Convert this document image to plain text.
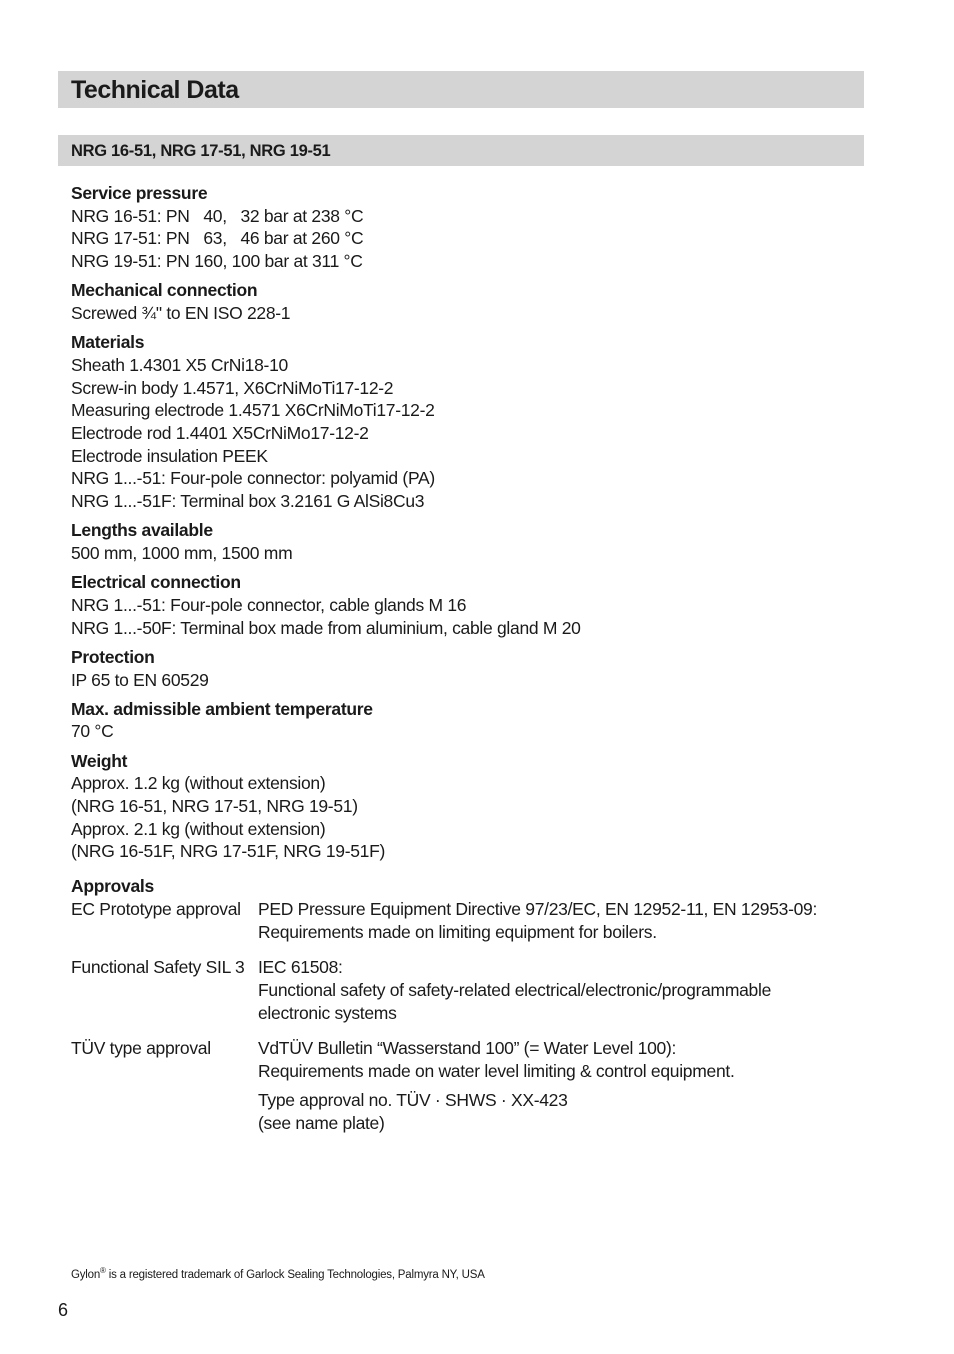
Technical Data
NRG 16-51, NRG 17-51, NRG 19-51
Service pressure
NRG 16-51: PN   40,   32 bar at 238 °C
NRG 17-51: PN   63,   46 bar at 260 °C
NRG 19-51: PN 160, 100 bar at 311 °C
Mechanical connection
Screwed ¾" to EN ISO 228-1
Materials
Sheath 1.4301 X5 CrNi18-10
Screw-in body 1.4571, X6CrNiMoTi17-12-2
Measuring electrode 1.4571 X6CrNiMoTi17-12-2
Electrode rod 1.4401 X5CrNiMo17-12-2
Electrode insulation PEEK
NRG 1...-51: Four-pole connector: polyamid (PA)
NRG 1...-51F: Terminal box 3.2161 G AlSi8Cu3
Lengths available
500 mm, 1000 mm, 1500 mm
Electrical connection
NRG 1...-51: Four-pole connector, cable glands M 16
NRG 1...-50F: Terminal box made from aluminium, cable gland M 20
Protection
IP 65 to EN 60529
Max. admissible ambient temperature
70 °C
Weight
Approx. 1.2 kg (without extension)
(NRG 16-51, NRG 17-51, NRG 19-51)
Approx. 2.1 kg (without extension)
(NRG 16-51F, NRG 17-51F, NRG 19-51F)
Approvals
EC Prototype approval PED Pressure Equipment Directive 97/23/EC, EN 12952-11, EN 12953-09:
Requirements made on limiting equipment for boilers.
Functional Safety SIL 3 IEC 61508:
Functional safety of safety-related electrical/electronic/programmable
electronic systems
TÜV type approval	VdTÜV Bulletin “Wasserstand 100” (= Water Level 100):
Requirements made on water level limiting & control equipment.
Type approval no. TÜV · SHWS · XX-423
(see name plate)
Gylon® is a registered trademark of Garlock Sealing Technologies, Palmyra NY, USA
6
